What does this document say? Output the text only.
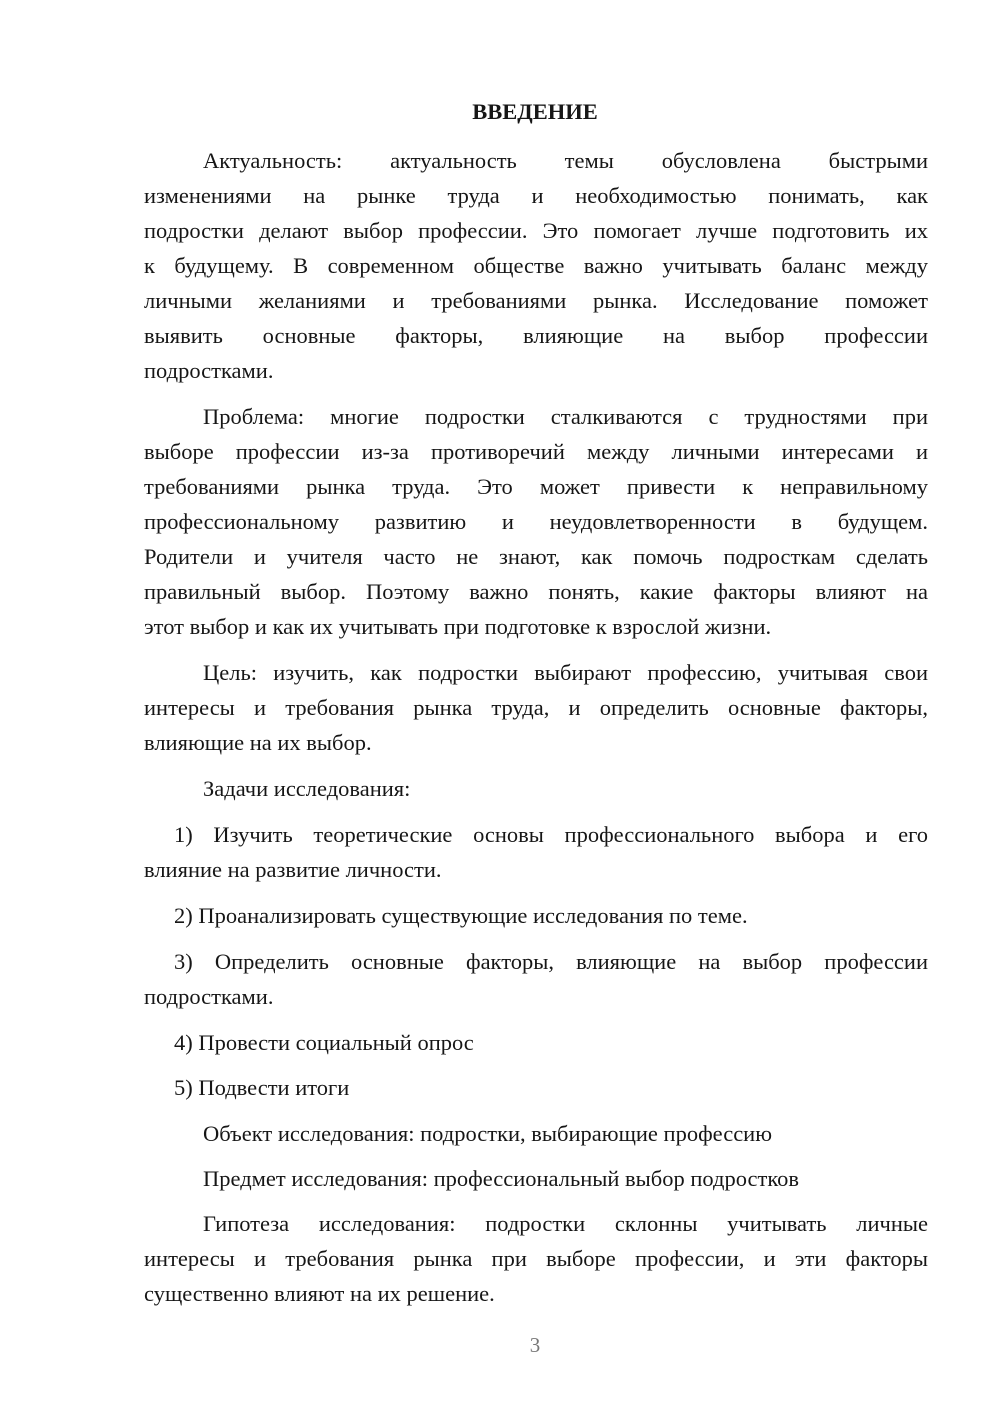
ВВЕДЕНИЕ
Актуальность: актуальность темы обусловлена быстрыми
изменениями на рынке труда и необходимостью понимать, как
подростки делают выбор профессии. Это помогает лучше подготовить их
к будущему. В современном обществе важно учитывать баланс между
личными желаниями и требованиями рынка. Исследование поможет
выявить основные факторы, влияющие на выбор профессии
подростками.
Проблема: многие подростки сталкиваются с трудностями при
выборе профессии из-за противоречий между личными интересами и
требованиями рынка труда. Это может привести к неправильному
профессиональному развитию и неудовлетворенности в будущем.
Родители и учителя часто не знают, как помочь подросткам сделать
правильный выбор. Поэтому важно понять, какие факторы влияют на
этот выбор и как их учитывать при подготовке к взрослой жизни.
Цель: изучить, как подростки выбирают профессию, учитывая свои
интересы и требования рынка труда, и определить основные факторы,
влияющие на их выбор.
Задачи исследования:
1) Изучить теоретические основы профессионального выбора и его
влияние на развитие личности.
2) Проанализировать существующие исследования по теме.
3) Определить основные факторы, влияющие на выбор профессии
подростками.
4) Провести социальный опрос
5) Подвести итоги
Объект исследования: подростки, выбирающие профессию
Предмет исследования: профессиональный выбор подростков
Гипотеза исследования: подростки склонны учитывать личные
интересы и требования рынка при выборе профессии, и эти факторы
существенно влияют на их решение.
3
